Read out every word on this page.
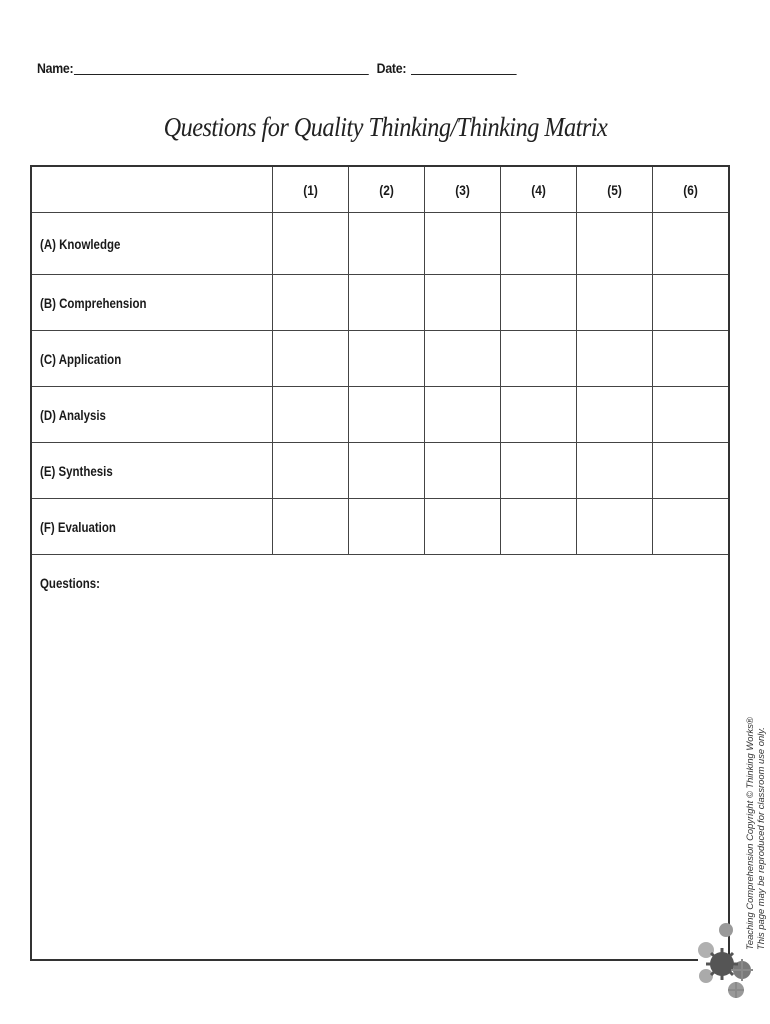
Name:	Date:
Questions for Quality Thinking/Thinking Matrix
(1)	(2)	(3)	(4)	(5)	(6)
(A) Knowledge
(B) Comprehension
(C) Application
(D) Analysis
(E) Synthesis
(F) Evaluation
Questions:
Teaching Comprehension Copyright © Thinking Works® This page may be reproduced for classroom use only.
